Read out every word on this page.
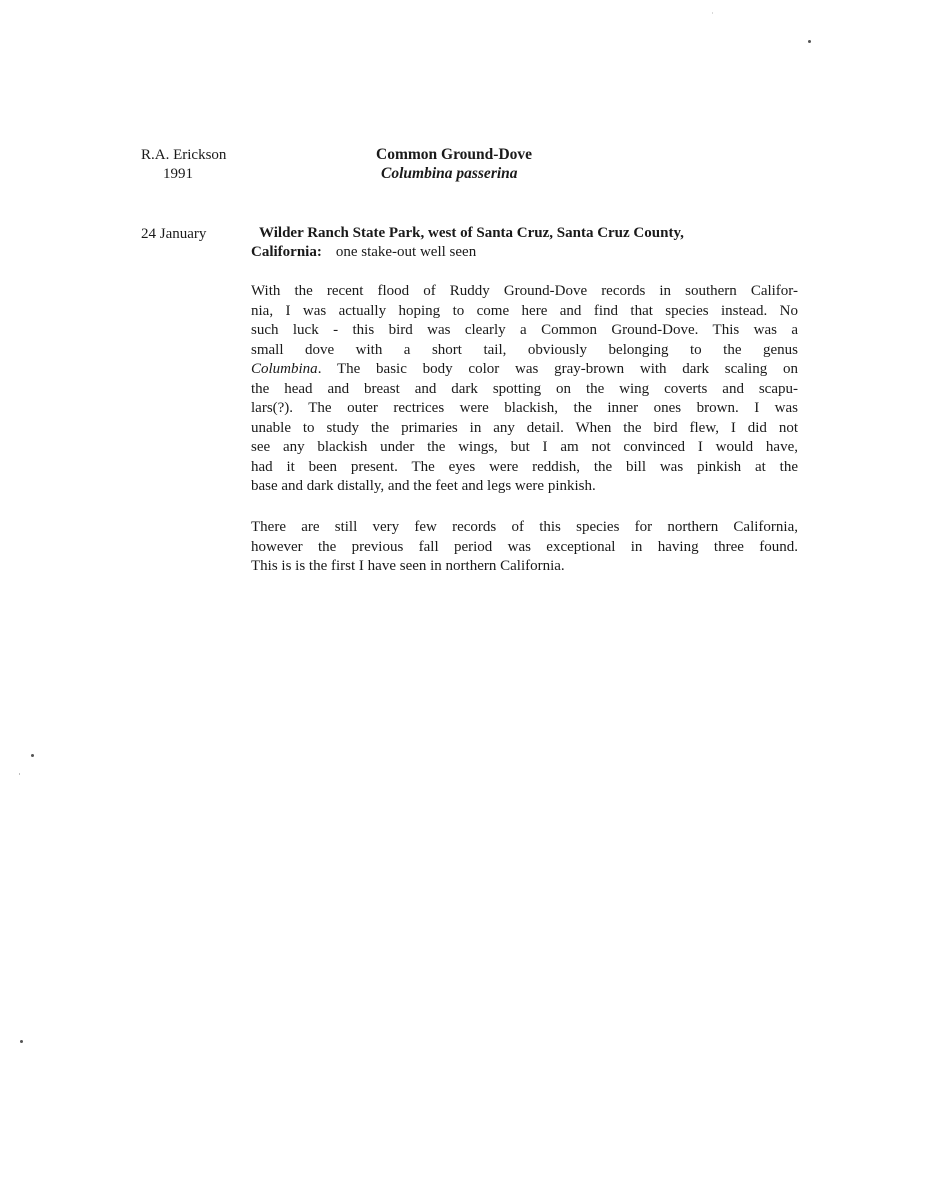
R.A. Erickson
1991
Common Ground-Dove
Columbina passerina
24 January	Wilder Ranch State Park, west of Santa Cruz, Santa Cruz County,
California: one stake-out well seen
With the recent flood of Ruddy Ground-Dove records in southern Califor-
nia, I was actually hoping to come here and find that species instead. No
such luck - this bird was clearly a Common Ground-Dove. This was a
small dove with a short tail, obviously belonging to the genus
Columbina. The basic body color was gray-brown with dark scaling on
the head and breast and dark spotting on the wing coverts and scapu-
lars(?). The outer rectrices were blackish, the inner ones brown. I was
unable to study the primaries in any detail. When the bird flew, I did not
see any blackish under the wings, but I am not convinced I would have,
had it been present. The eyes were reddish, the bill was pinkish at the
base and dark distally, and the feet and legs were pinkish.
There are still very few records of this species for northern California,
however the previous fall period was exceptional in having three found.
This is is the first I have seen in northern California.
